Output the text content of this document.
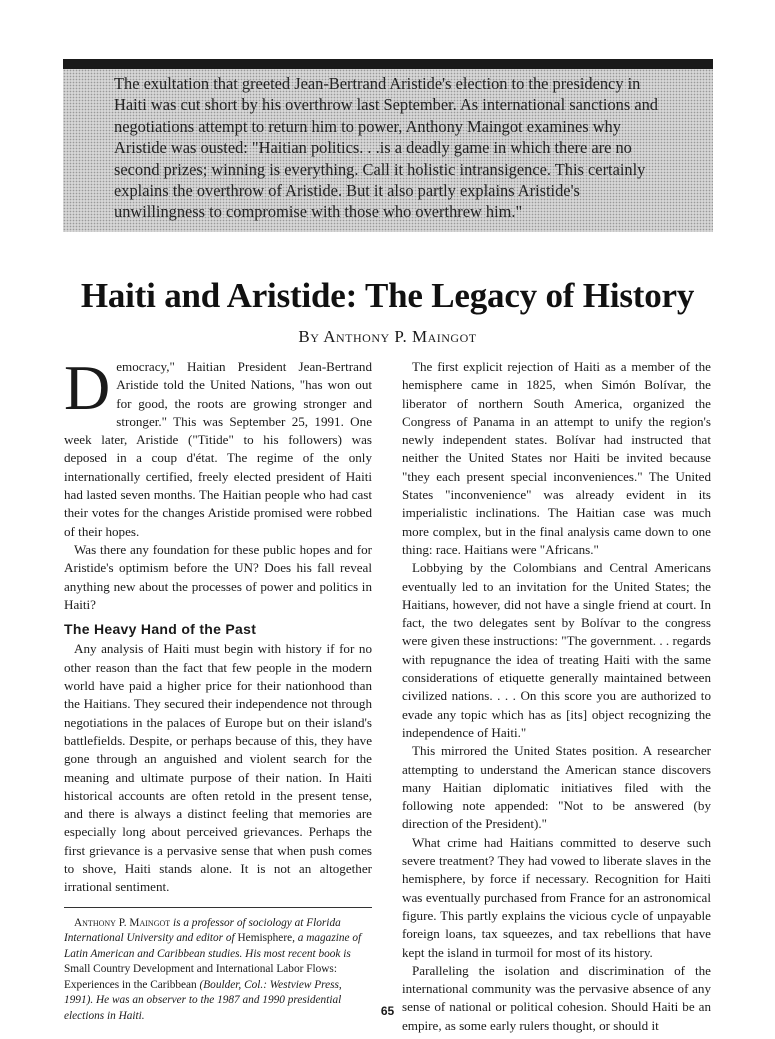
The exultation that greeted Jean-Bertrand Aristide's election to the presidency in Haiti was cut short by his overthrow last September. As international sanctions and negotiations attempt to return him to power, Anthony Maingot examines why Aristide was ousted: "Haitian politics. . .is a deadly game in which there are no second prizes; winning is everything. Call it holistic intransigence. This certainly explains the overthrow of Aristide. But it also partly explains Aristide's unwillingness to compromise with those who overthrew him."

Haiti and Aristide: The Legacy of History

By Anthony P. Maingot

Democracy," Haitian President Jean-Bertrand Aristide told the United Nations, "has won out for good, the roots are growing stronger and stronger." This was September 25, 1991. One week later, Aristide ("Titide" to his followers) was deposed in a coup d'état. The regime of the only internationally certified, freely elected president of Haiti had lasted seven months. The Haitian people who had cast their votes for the changes Aristide promised were robbed of their hopes.

Was there any foundation for these public hopes and for Aristide's optimism before the UN? Does his fall reveal anything new about the processes of power and politics in Haiti?

The Heavy Hand of the Past

Any analysis of Haiti must begin with history if for no other reason than the fact that few people in the modern world have paid a higher price for their nationhood than the Haitians. They secured their independence not through negotiations in the palaces of Europe but on their island's battlefields. Despite, or perhaps because of this, they have gone through an anguished and violent search for the meaning and ultimate purpose of their nation. In Haiti historical accounts are often retold in the present tense, and there is always a distinct feeling that memories are especially long about perceived grievances. Perhaps the first grievance is a pervasive sense that when push comes to shove, Haiti stands alone. It is not an altogether irrational sentiment.

Anthony P. Maingot is a professor of sociology at Florida International University and editor of Hemisphere, a magazine of Latin American and Caribbean studies. His most recent book is Small Country Development and International Labor Flows: Experiences in the Caribbean (Boulder, Col.: Westview Press, 1991). He was an observer to the 1987 and 1990 presidential elections in Haiti.

The first explicit rejection of Haiti as a member of the hemisphere came in 1825, when Simón Bolívar, the liberator of northern South America, organized the Congress of Panama in an attempt to unify the region's newly independent states. Bolívar had instructed that neither the United States nor Haiti be invited because "they each present special inconveniences." The United States "inconvenience" was already evident in its imperialistic inclinations. The Haitian case was much more complex, but in the final analysis came down to one thing: race. Haitians were "Africans."

Lobbying by the Colombians and Central Americans eventually led to an invitation for the United States; the Haitians, however, did not have a single friend at court. In fact, the two delegates sent by Bolívar to the congress were given these instructions: "The government. . . regards with repugnance the idea of treating Haiti with the same considerations of etiquette generally maintained between civilized nations. . . . On this score you are authorized to evade any topic which has as [its] object recognizing the independence of Haiti."

This mirrored the United States position. A researcher attempting to understand the American stance discovers many Haitian diplomatic initiatives filed with the following note appended: "Not to be answered (by direction of the President)."

What crime had Haitians committed to deserve such severe treatment? They had vowed to liberate slaves in the hemisphere, by force if necessary. Recognition for Haiti was eventually purchased from France for an astronomical figure. This partly explains the vicious cycle of unpayable foreign loans, tax squeezes, and tax rebellions that have kept the island in turmoil for most of its history.

Paralleling the isolation and discrimination of the international community was the pervasive absence of any sense of national or political cohesion. Should Haiti be an empire, as some early rulers thought, or should it

65
